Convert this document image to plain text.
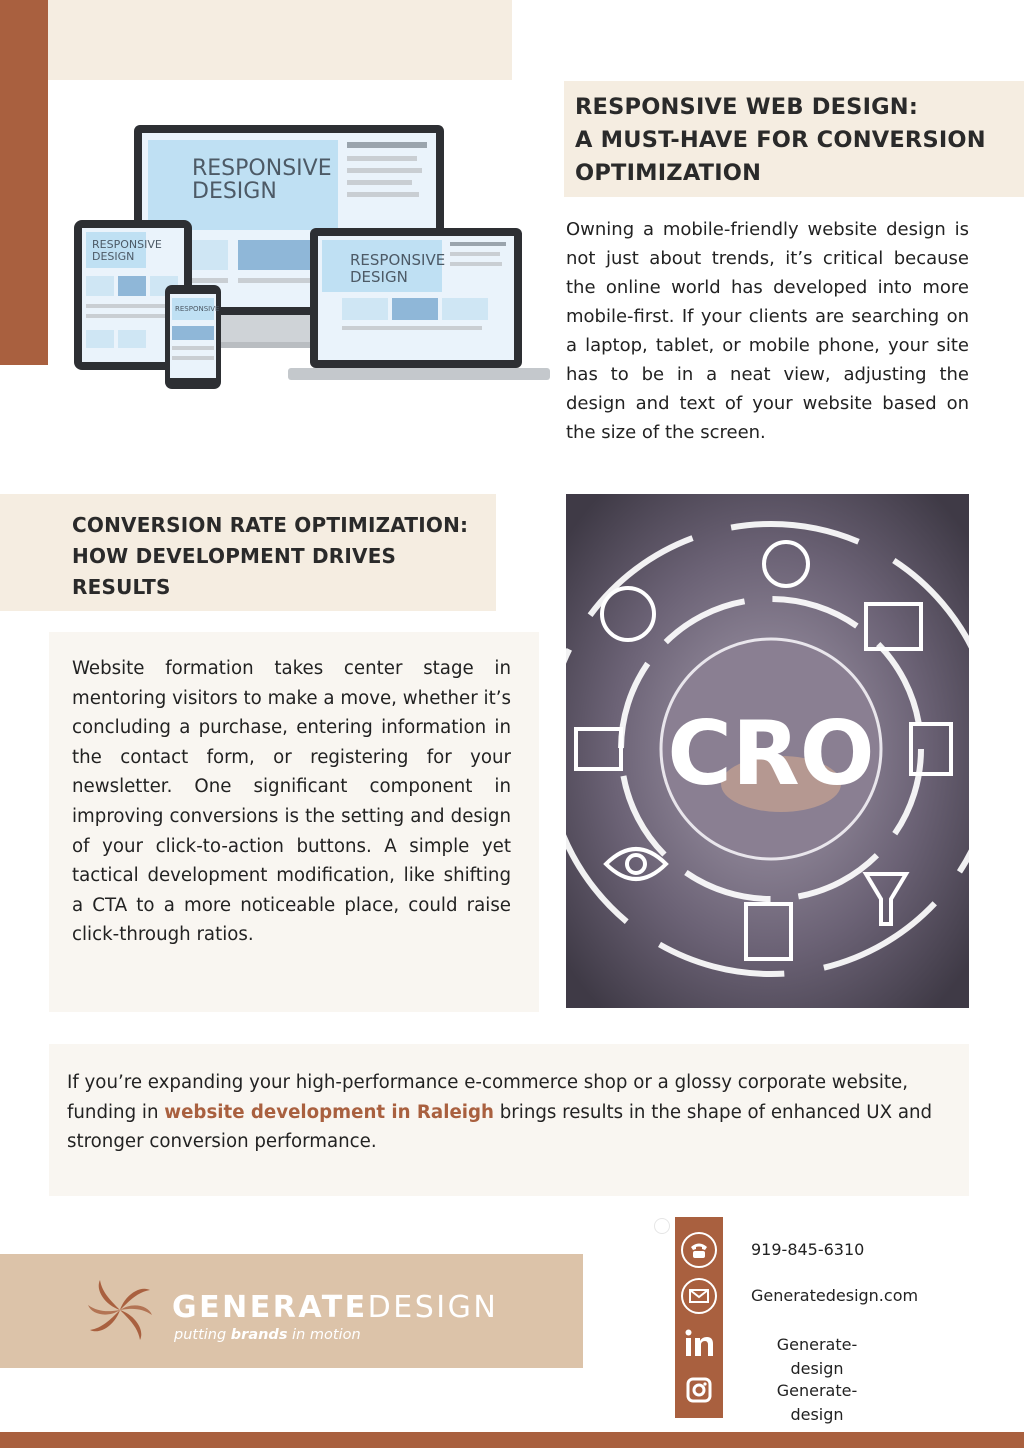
RESPONSIVE
DESIGN
RESPONSIVE
DESIGN	RESPONSIVE
DESIGN
RESPONSIVE
RESPONSIVE WEB DESIGN:
A MUST-HAVE FOR CONVERSION
OPTIMIZATION

Owning a mobile-friendly website design is not just about trends, it’s critical because the online world has developed into more mobile-first. If your clients are searching on a laptop, tablet, or mobile phone, your site has to be in a neat view, adjusting the design and text of your website based on the size of the screen.

CONVERSION RATE OPTIMIZATION:
HOW DEVELOPMENT DRIVES
RESULTS

Website formation takes center stage in mentoring visitors to make a move, whether it’s concluding a purchase, entering information in the contact form, or registering for your newsletter. One significant component in improving conversions is the setting and design of your click-to-action buttons. A simple yet tactical development modification, like shifting a CTA to a more noticeable place, could raise click-through ratios.

CRO

If you’re expanding your high-performance e-commerce shop or a glossy corporate website, funding in website development in Raleigh brings results in the shape of enhanced UX and stronger conversion performance.

GENERATEDESIGN
putting brands in motion
919-845-6310
Generatedesign.com
Generate-
design
Generate-
design
